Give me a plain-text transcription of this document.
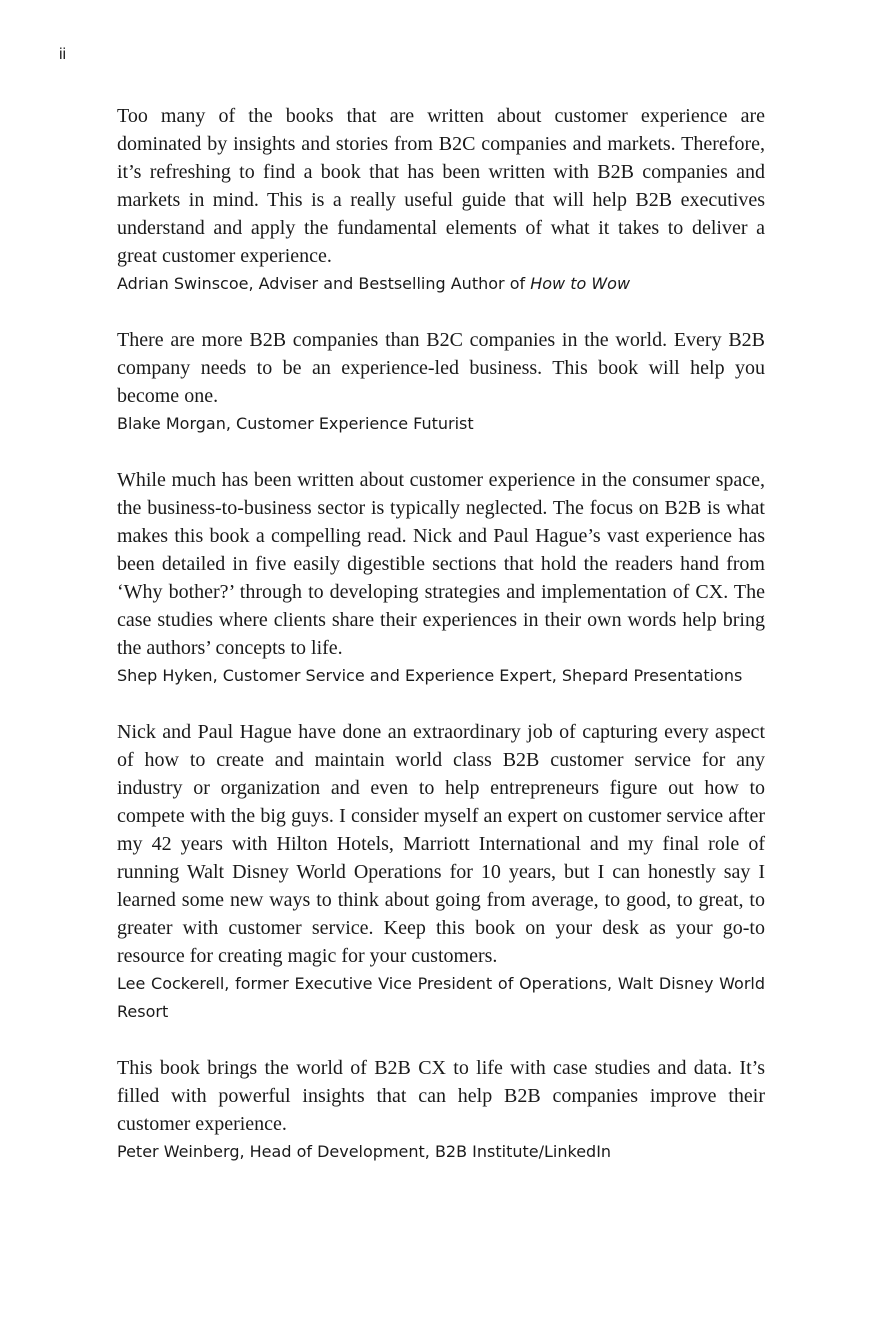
ii

Too many of the books that are written about customer experience are dominated by insights and stories from B2C companies and markets. Therefore, it’s refreshing to find a book that has been written with B2B companies and markets in mind. This is a really useful guide that will help B2B executives understand and apply the fundamental elements of what it takes to deliver a great customer experience.

Adrian Swinscoe, Adviser and Bestselling Author of How to Wow

There are more B2B companies than B2C companies in the world. Every B2B company needs to be an experience-led business. This book will help you become one.

Blake Morgan, Customer Experience Futurist

While much has been written about customer experience in the consumer space, the business-to-business sector is typically neglected. The focus on B2B is what makes this book a compelling read. Nick and Paul Hague’s vast experience has been detailed in five easily digestible sections that hold the readers hand from ‘Why bother?’ through to developing strategies and implementation of CX. The case studies where clients share their experiences in their own words help bring the authors’ concepts to life.

Shep Hyken, Customer Service and Experience Expert, Shepard Presentations

Nick and Paul Hague have done an extraordinary job of capturing every aspect of how to create and maintain world class B2B customer service for any industry or organization and even to help entrepreneurs figure out how to compete with the big guys. I consider myself an expert on customer service after my 42 years with Hilton Hotels, Marriott International and my final role of running Walt Disney World Operations for 10 years, but I can honestly say I learned some new ways to think about going from average, to good, to great, to greater with customer service. Keep this book on your desk as your go-to resource for creating magic for your customers.

Lee Cockerell, former Executive Vice President of Operations, Walt Disney World Resort

This book brings the world of B2B CX to life with case studies and data. It’s filled with powerful insights that can help B2B companies improve their customer experience.

Peter Weinberg, Head of Development, B2B Institute/LinkedIn
